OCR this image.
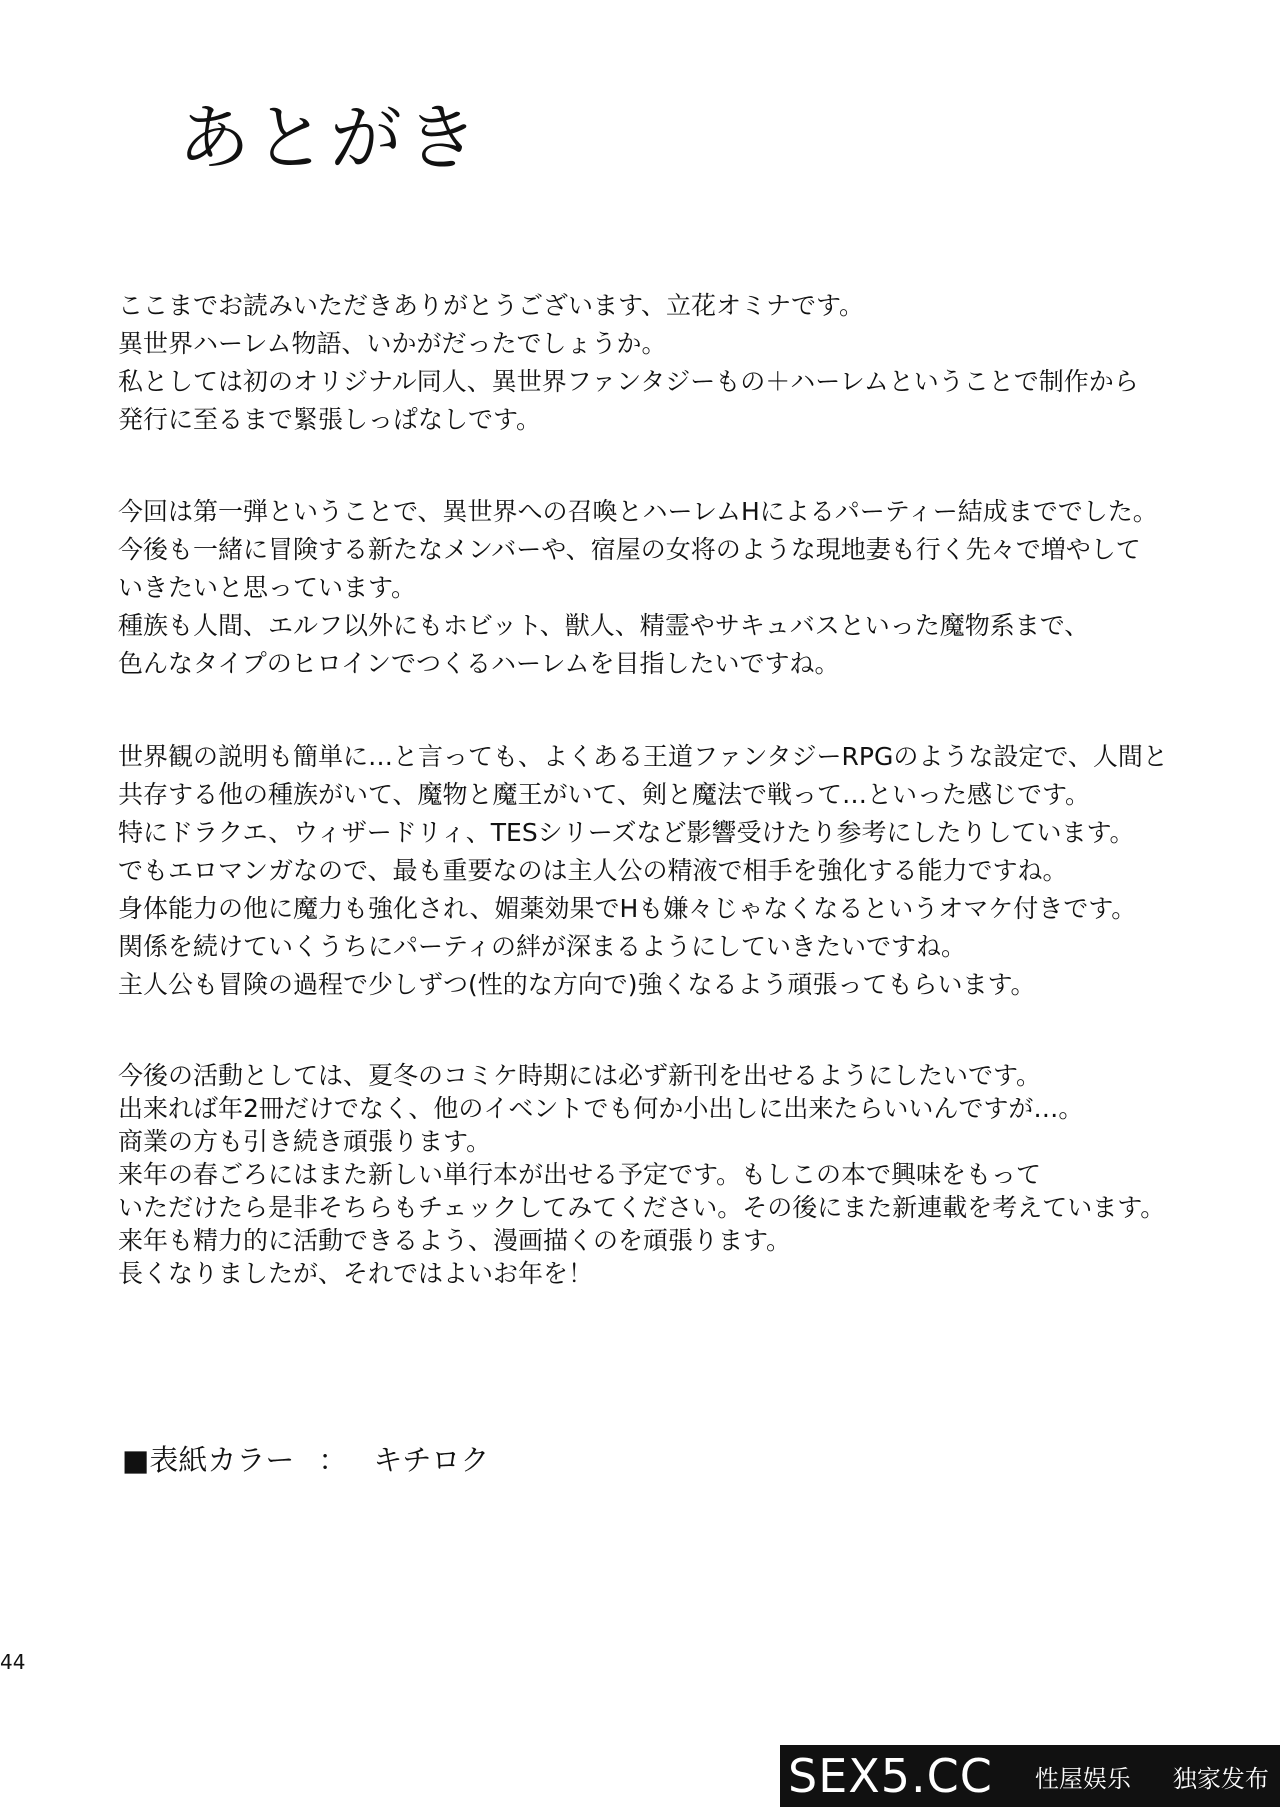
あとがき
ここまでお読みいただきありがとうございます、立花オミナです。
異世界ハーレム物語、いかがだったでしょうか。
私としては初のオリジナル同人、異世界ファンタジーもの＋ハーレムということで制作から
発行に至るまで緊張しっぱなしです。
今回は第一弾ということで、異世界への召喚とハーレムHによるパーティー結成まででした。
今後も一緒に冒険する新たなメンバーや、宿屋の女将のような現地妻も行く先々で増やして
いきたいと思っています。
種族も人間、エルフ以外にもホビット、獣人、精霊やサキュバスといった魔物系まで、
色んなタイプのヒロインでつくるハーレムを目指したいですね。
世界観の説明も簡単に…と言っても、よくある王道ファンタジーRPGのような設定で、人間と
共存する他の種族がいて、魔物と魔王がいて、剣と魔法で戦って…といった感じです。
特にドラクエ、ウィザードリィ、TESシリーズなど影響受けたり参考にしたりしています。
でもエロマンガなので、最も重要なのは主人公の精液で相手を強化する能力ですね。
身体能力の他に魔力も強化され、媚薬効果でHも嫌々じゃなくなるというオマケ付きです。
関係を続けていくうちにパーティの絆が深まるようにしていきたいですね。
主人公も冒険の過程で少しずつ(性的な方向で)強くなるよう頑張ってもらいます。
今後の活動としては、夏冬のコミケ時期には必ず新刊を出せるようにしたいです。
出来れば年2冊だけでなく、他のイベントでも何か小出しに出来たらいいんですが…。
商業の方も引き続き頑張ります。
来年の春ごろにはまた新しい単行本が出せる予定です。もしこの本で興味をもって
いただけたら是非そちらもチェックしてみてください。その後にまた新連載を考えています。
来年も精力的に活動できるよう、漫画描くのを頑張ります。
長くなりましたが、それではよいお年を！
■表紙カラー ： キチロク
44
SEX5.CC 性屋娱乐 独家发布
